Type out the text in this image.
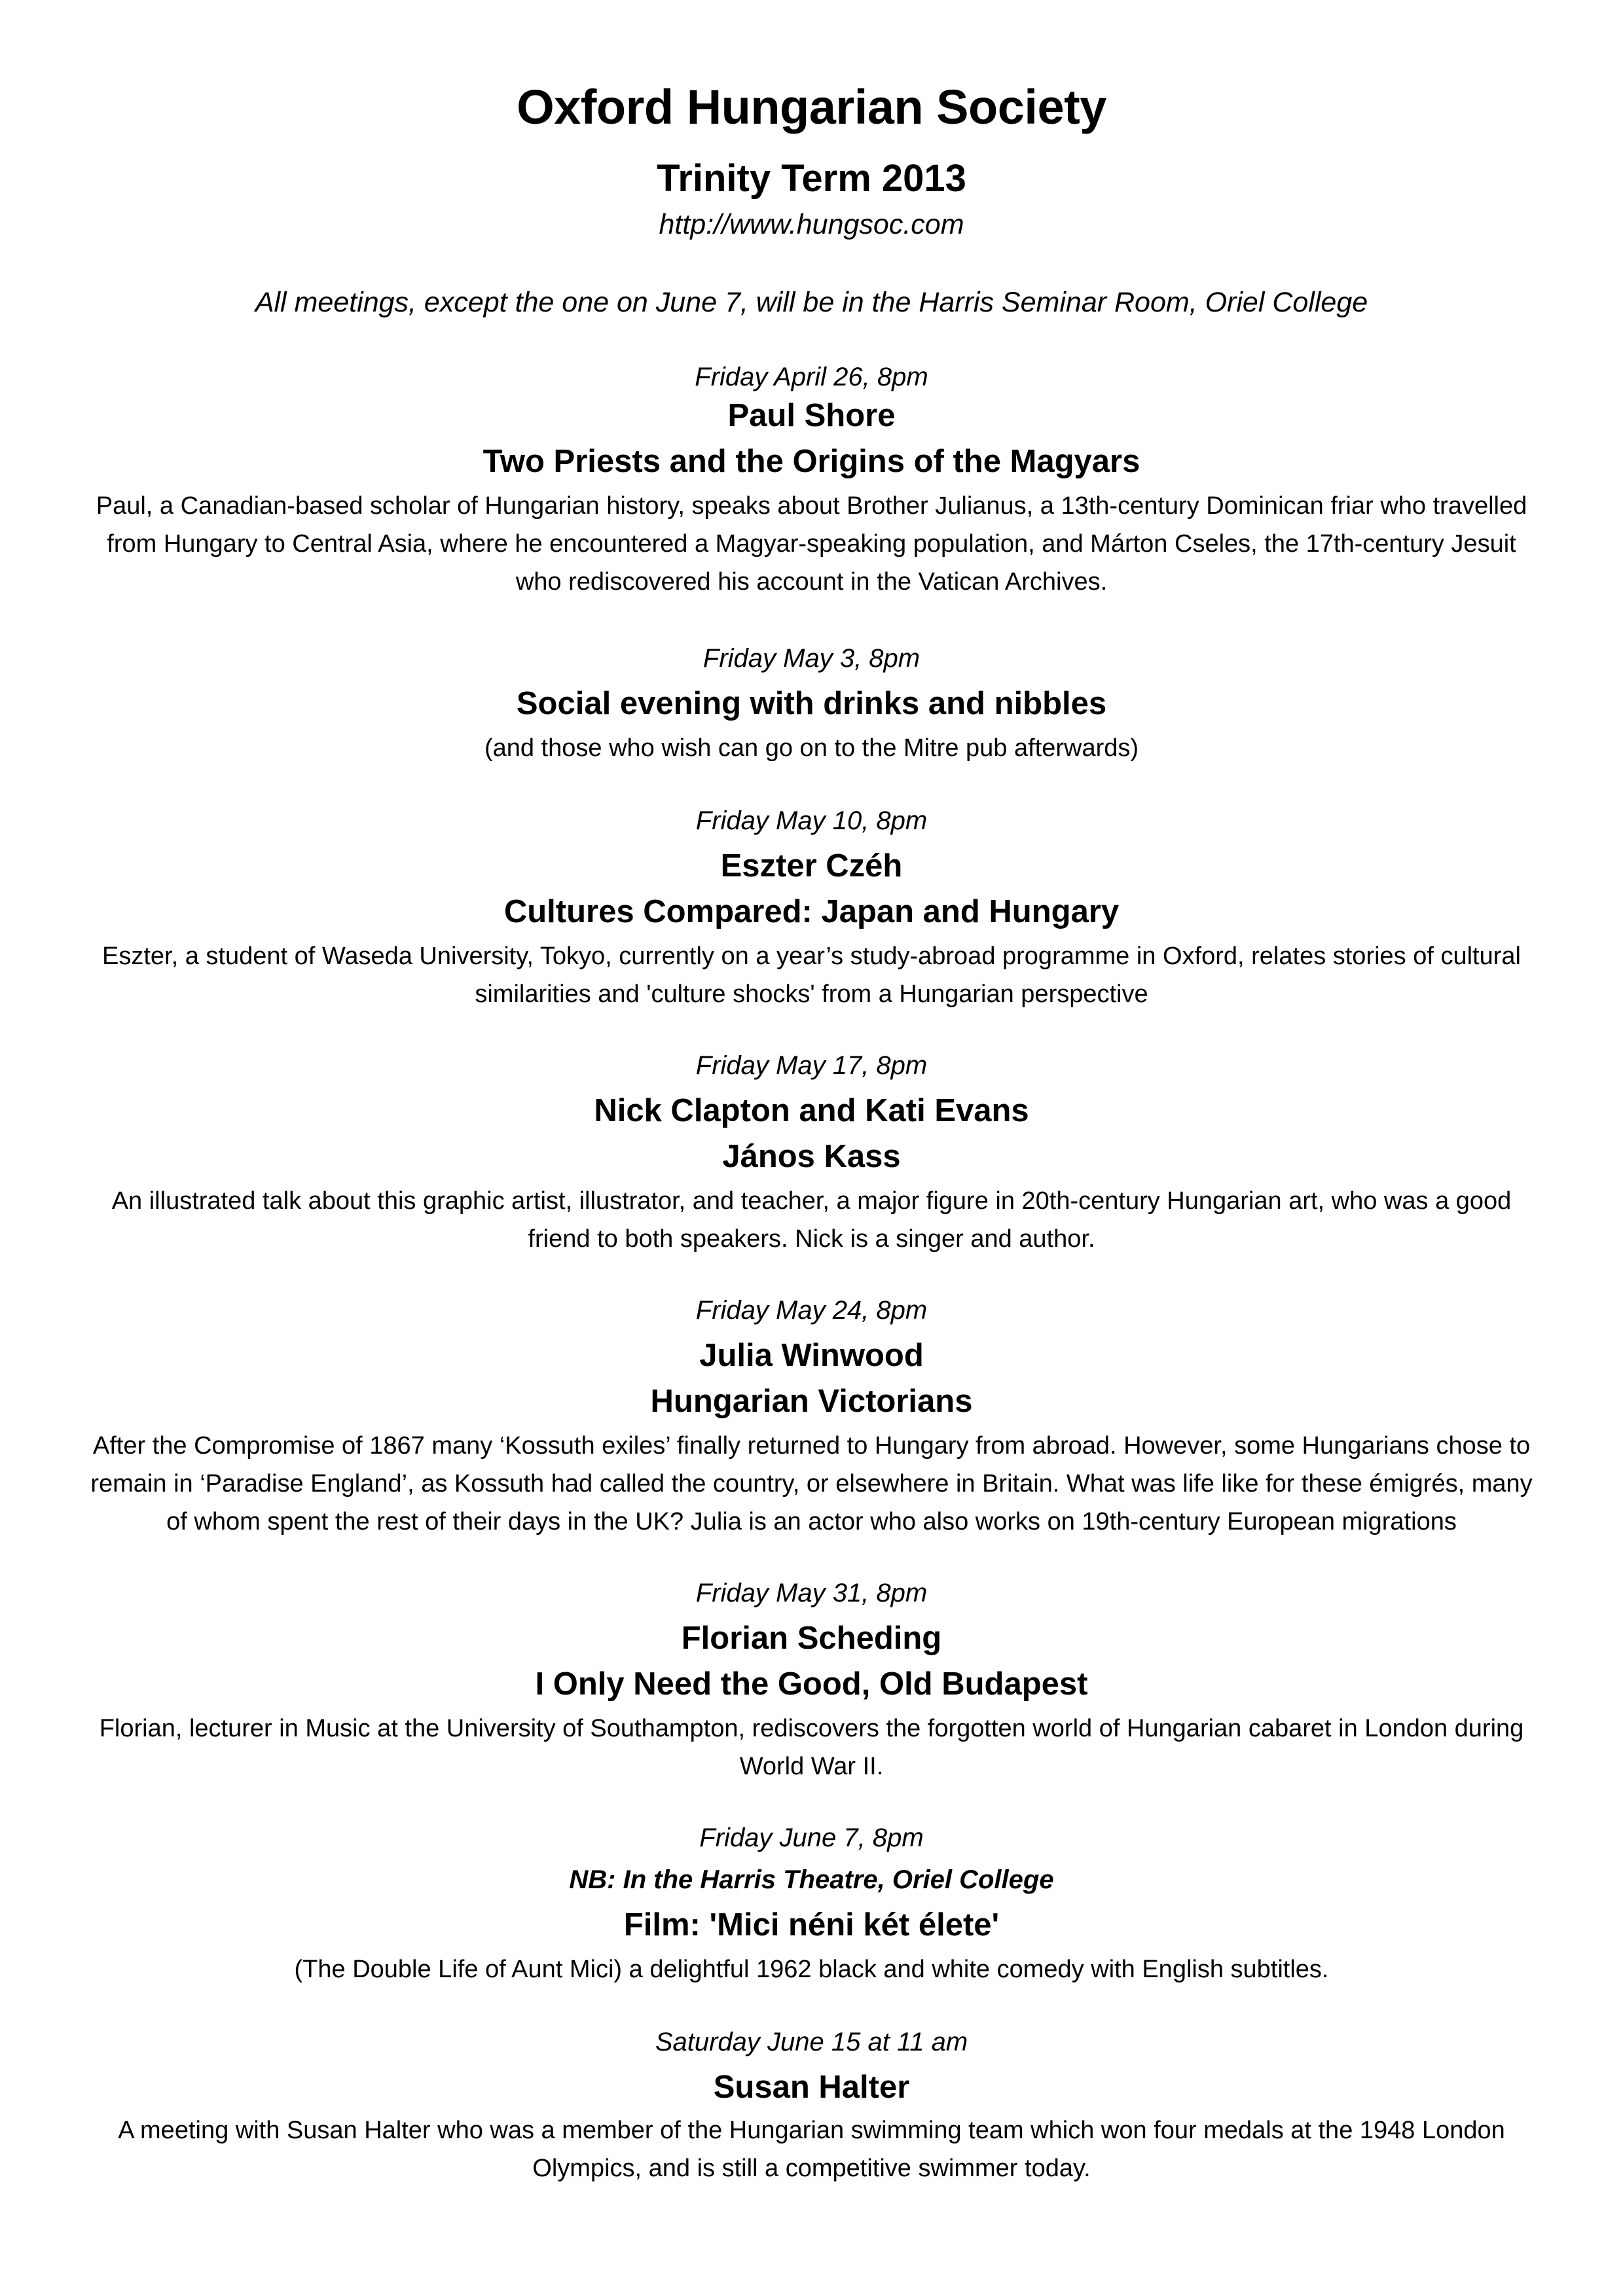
Oxford Hungarian Society
Trinity Term 2013
http://www.hungsoc.com
All meetings, except the one on June 7, will be in the Harris Seminar Room, Oriel College
Friday April 26, 8pm
Paul Shore
Two Priests and the Origins of the Magyars
Paul, a Canadian-based scholar of Hungarian history, speaks about Brother Julianus, a 13th-century Dominican friar who travelled from Hungary to Central Asia, where he encountered a Magyar-speaking population, and Márton Cseles, the 17th-century Jesuit who rediscovered his account in the Vatican Archives.
Friday May 3, 8pm
Social evening with drinks and nibbles
(and those who wish can go on to the Mitre pub afterwards)
Friday May 10, 8pm
Eszter Czéh
Cultures Compared: Japan and Hungary
Eszter, a student of Waseda University, Tokyo, currently on a year’s study-abroad programme in Oxford, relates stories of cultural similarities and 'culture shocks' from a Hungarian perspective
Friday May 17, 8pm
Nick Clapton and Kati Evans
János Kass
An illustrated talk about this graphic artist, illustrator, and teacher, a major figure in 20th-century Hungarian art, who was a good friend to both speakers. Nick is a singer and author.
Friday May 24, 8pm
Julia Winwood
Hungarian Victorians
After the Compromise of 1867 many ‘Kossuth exiles’ finally returned to Hungary from abroad. However, some Hungarians chose to remain in ‘Paradise England’, as Kossuth had called the country, or elsewhere in Britain. What was life like for these émigrés, many of whom spent the rest of their days in the UK? Julia is an actor who also works on 19th-century European migrations
Friday May 31, 8pm
Florian Scheding
I Only Need the Good, Old Budapest
Florian, lecturer in Music at the University of Southampton, rediscovers the forgotten world of Hungarian cabaret in London during World War II.
Friday June 7, 8pm
NB: In the Harris Theatre, Oriel College
Film: 'Mici néni két élete'
(The Double Life of Aunt Mici) a delightful 1962 black and white comedy with English subtitles.
Saturday June 15 at 11 am
Susan Halter
A meeting with Susan Halter who was a member of the Hungarian swimming team which won four medals at the 1948 London Olympics, and is still a competitive swimmer today.
